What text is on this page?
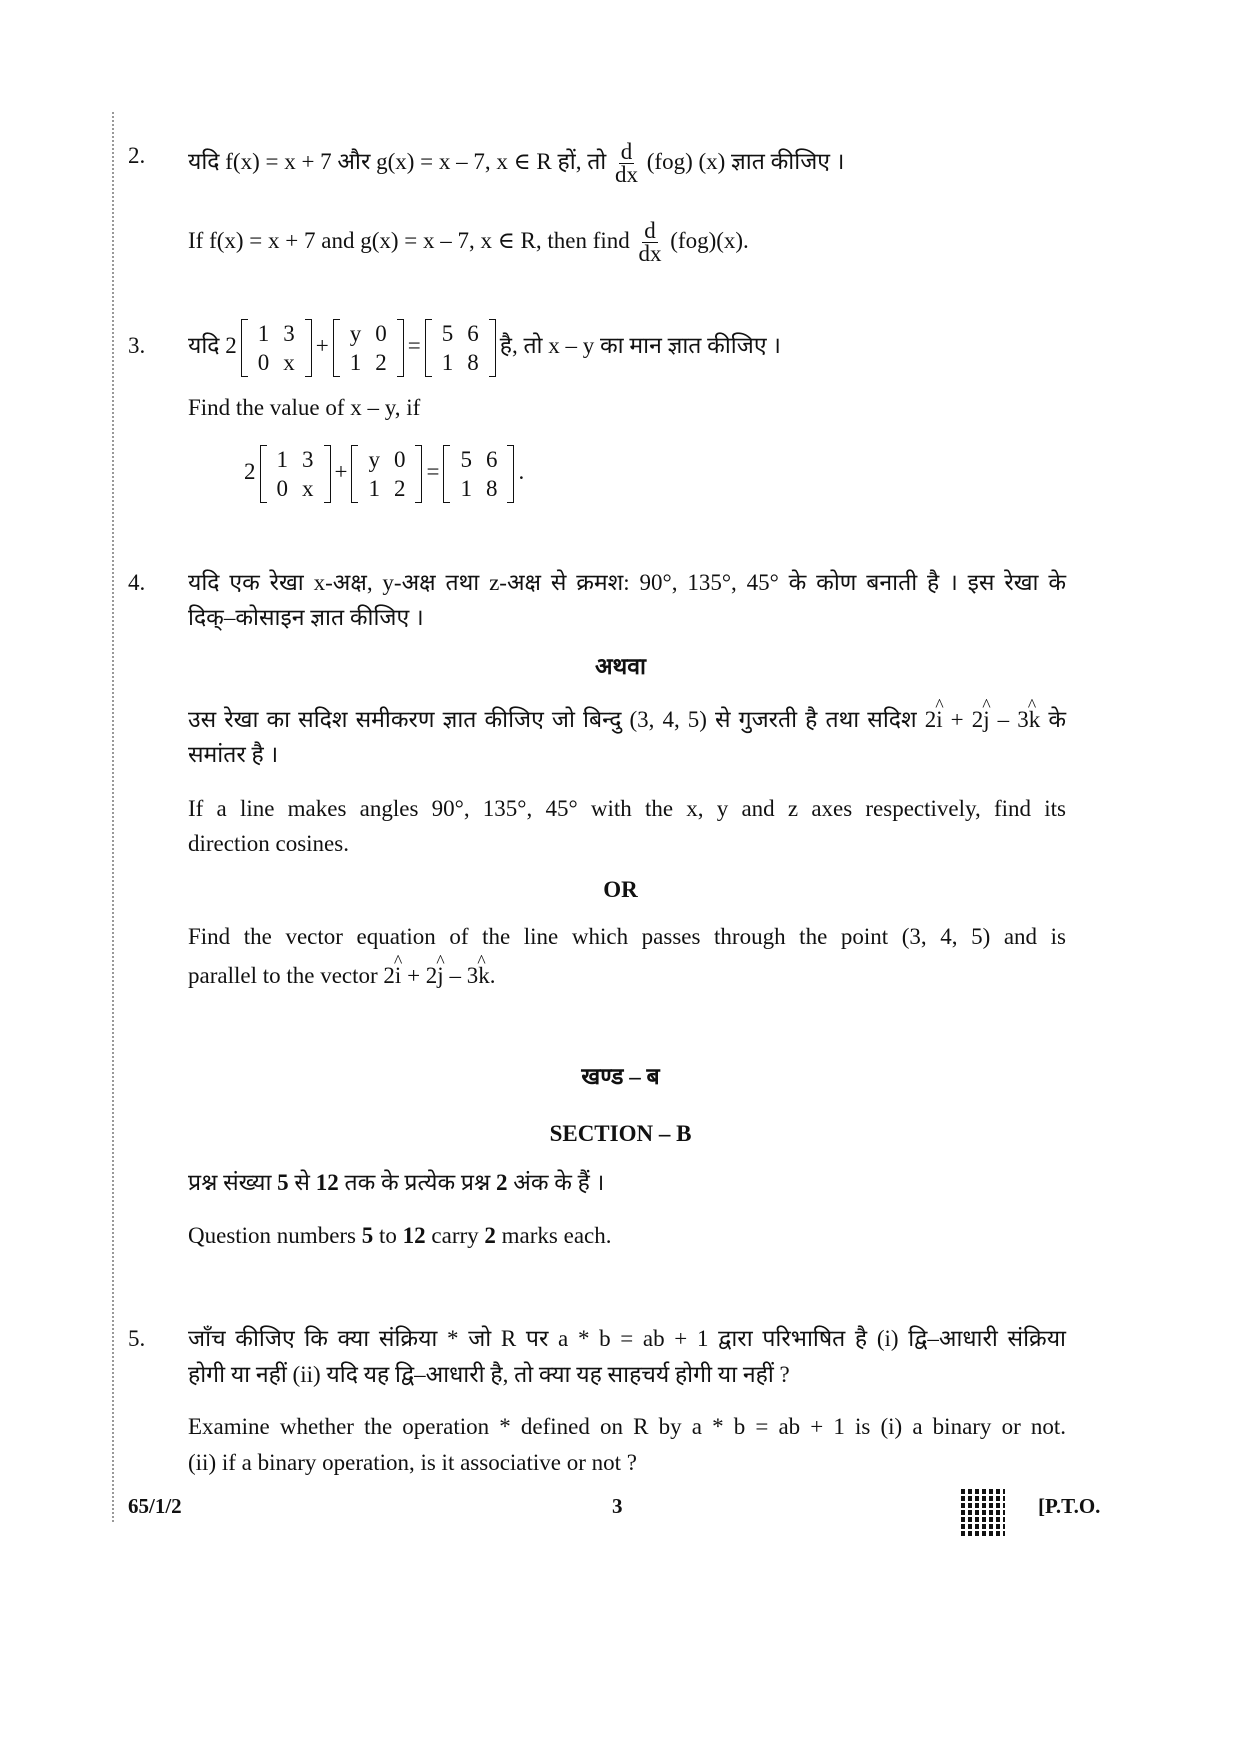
2. यदि f(x) = x + 7 और g(x) = x – 7, x ∈ R हों, तो $\frac{d}{dx} (fog)$ (x) ज्ञात कीजिए ।
If f(x) = x + 7 and g(x) = x – 7, x ∈ R, then find $\frac{d}{dx} (fog)(x)$.
3. यदि 2 1	3
0	x
+ y	0
1	2
= 5	6
1	8
है, तो x – y का मान ज्ञात कीजिए ।
Find the value of x – y, if
2 1	3
0	x
+ y	0
1	2
= 5	6
1	8
.
4. यदि एक रेखा x-अक्ष, y-अक्ष तथा z-अक्ष से क्रमश: 90°, 135°, 45° के कोण बनाती है । इस रेखा के
दिक्–कोसाइन ज्ञात कीजिए ।
अथवा
उस रेखा का सदिश समीकरण ज्ञात कीजिए जो बिन्दु (3, 4, 5) से गुजरती है तथा सदिश 2^ i + 2^ j – 3^ k के
समांतर है ।
If a line makes angles 90°, 135°, 45° with the x, y and z axes respectively, find its
direction cosines.
OR
Find the vector equation of the line which passes through the point (3, 4, 5) and is
parallel to the vector 2^ i + 2^ j – 3^ k.
खण्ड – ब
SECTION – B
प्रश्न संख्या 5 से 12 तक के प्रत्येक प्रश्न 2 अंक के हैं ।
Question numbers 5 to 12 carry 2 marks each.
5. जाँच कीजिए कि क्या संक्रिया * जो R पर a * b = ab + 1 द्वारा परिभाषित है (i) द्वि–आधारी संक्रिया
होगी या नहीं (ii) यदि यह द्वि–आधारी है, तो क्या यह साहचर्य होगी या नहीं ?
Examine whether the operation * defined on R by a * b = ab + 1 is (i) a binary or not.
(ii) if a binary operation, is it associative or not ?
65/1/2	3	[P.T.O.
